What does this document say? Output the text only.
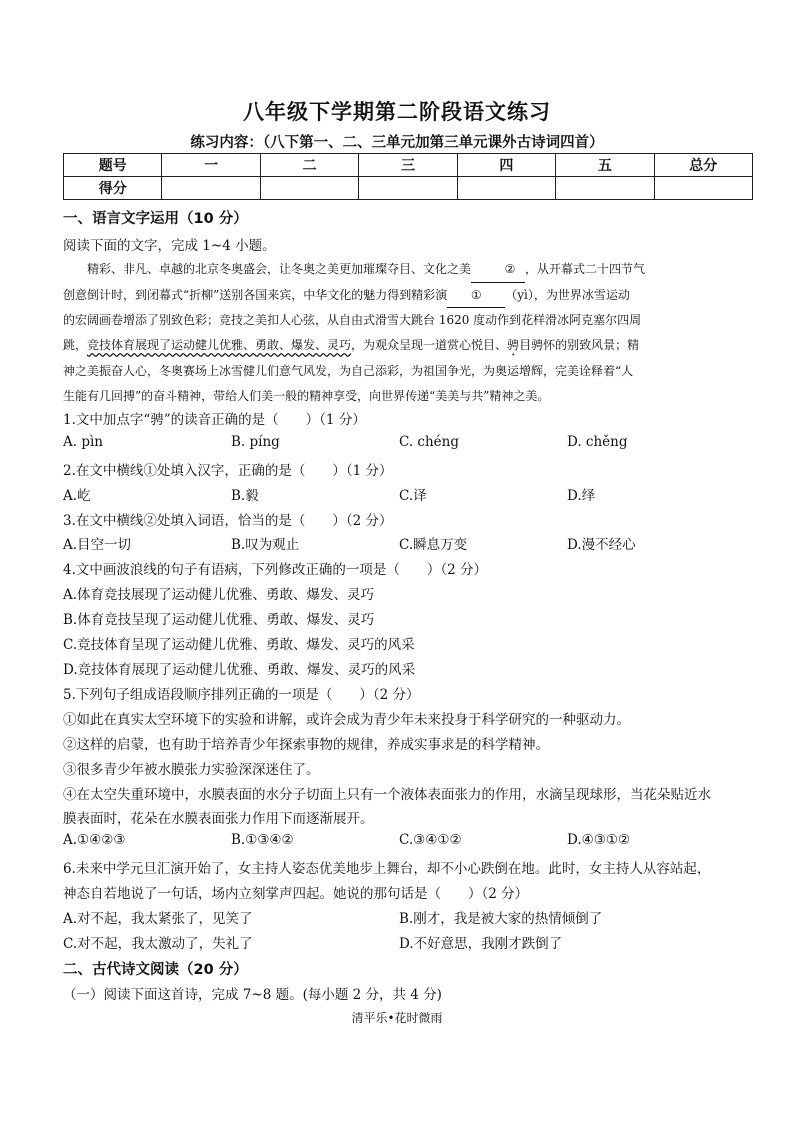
八年级下学期第二阶段语文练习
练习内容：（八下第一、二、三单元加第三单元课外古诗词四首）
题号	一	二	三	四	五	总分
得分						
一、语言文字运用（10 分）
阅读下面的文字，完成 1~4 小题。
精彩、非凡、卓越的北京冬奥盛会，让冬奥之美更加璀璨夺目、文化之美	② ，从开幕式二十四节气
创意倒计时，到闭幕式“折柳”送别各国来宾，中华文化的魅力得到精彩演 ① （yì），为世界冰雪运动
的宏阔画卷增添了别致色彩；竞技之美扣人心弦，从自由式滑雪大跳台 1620 度动作到花样滑冰阿克塞尔四周
跳，竞技体育展现了运动健儿优雅、勇敢、爆发、灵巧，为观众呈现一道赏心悦目、骋目骋怀的别致风景；精
神之美振奋人心，冬奥赛场上冰雪健儿们意气风发，为自己添彩，为祖国争光，为奥运增辉，完美诠释着“人
生能有几回搏”的奋斗精神，带给人们美一般的精神享受，向世界传递“美美与共”精神之美。
1.文中加点字“骋”的读音正确的是（　　）（1 分）
A. pìn	B. píng	C. chéng	D. chěng
2.在文中横线①处填入汉字，正确的是（　　）（1 分）
A.屹	B.毅	C.译	D.绎
3.在文中横线②处填入词语，恰当的是（　　）（2 分）
A.目空一切	B.叹为观止	C.瞬息万变	D.漫不经心
4.文中画波浪线的句子有语病，下列修改正确的一项是（　　）（2 分）
A.体育竞技展现了运动健儿优雅、勇敢、爆发、灵巧
B.体育竞技呈现了运动健儿优雅、勇敢、爆发、灵巧
C.竞技体育呈现了运动健儿优雅、勇敢、爆发、灵巧的风采
D.竞技体育展现了运动健儿优雅、勇敢、爆发、灵巧的风采
5.下列句子组成语段顺序排列正确的一项是（　　）（2 分）
①如此在真实太空环境下的实验和讲解，或许会成为青少年未来投身于科学研究的一种驱动力。
②这样的启蒙，也有助于培养青少年探索事物的规律，养成实事求是的科学精神。
③很多青少年被水膜张力实验深深迷住了。
④在太空失重环境中，水膜表面的水分子切面上只有一个液体表面张力的作用，水滴呈现球形，当花朵贴近水
膜表面时，花朵在水膜表面张力作用下而逐渐展开。
A.①④②③	B.①③④②	C.③④①②	D.④③①②
6.未来中学元旦汇演开始了，女主持人姿态优美地步上舞台，却不小心跌倒在地。此时，女主持人从容站起，
神态自若地说了一句话，场内立刻掌声四起。她说的那句话是（　　）（2 分）
A.对不起，我太紧张了，见笑了	B.刚才，我是被大家的热情倾倒了
C.对不起，我太激动了，失礼了	D.不好意思，我刚才跌倒了
二、古代诗文阅读（20 分）
（一）阅读下面这首诗，完成 7~8 题。(每小题 2 分，共 4 分)
清平乐•花时微雨
